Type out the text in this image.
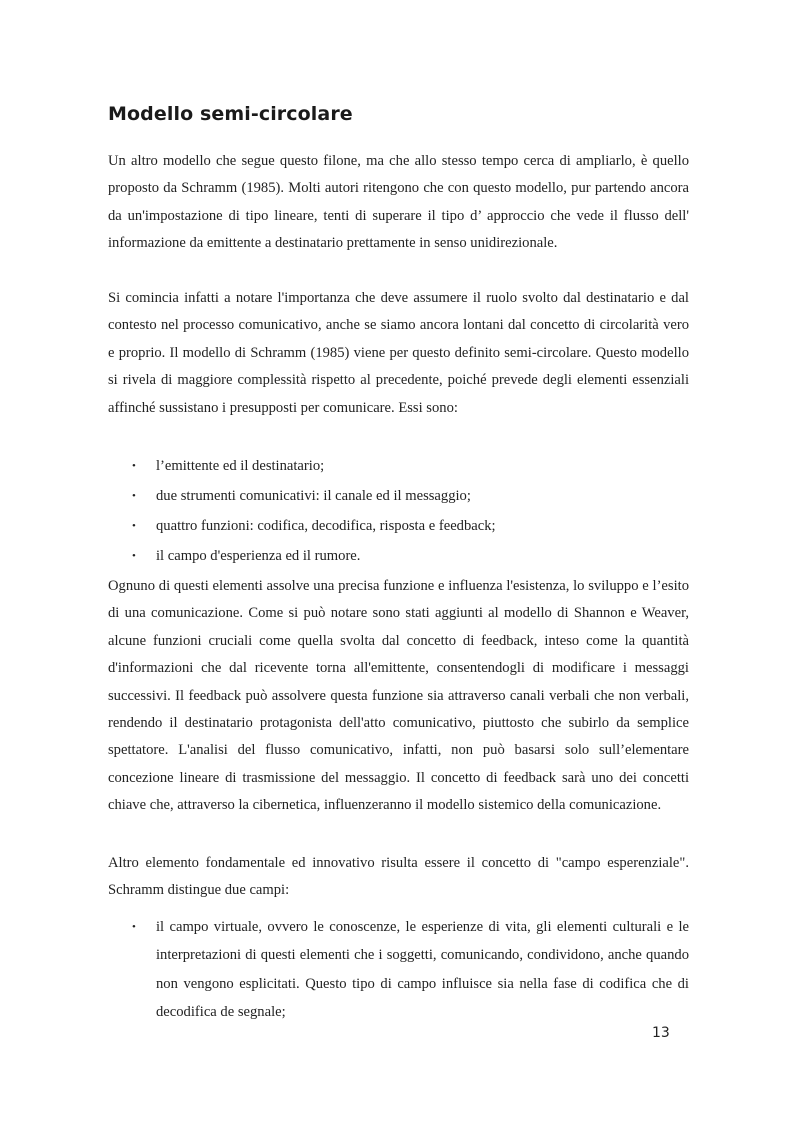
Modello semi-circolare

Un altro modello che segue questo filone, ma che allo stesso tempo cerca di ampliarlo, è quello proposto da Schramm (1985). Molti autori ritengono che con questo modello, pur partendo ancora da un'impostazione di tipo lineare, tenti di superare il tipo d’ approccio che vede il flusso dell' informazione da emittente a destinatario prettamente in senso unidirezionale.

Si comincia infatti a notare l'importanza che deve assumere il ruolo svolto dal destinatario e dal contesto nel processo comunicativo, anche se siamo ancora lontani dal concetto di circolarità vero e proprio. Il modello di Schramm (1985) viene per questo definito semi-circolare. Questo modello si rivela di maggiore complessità rispetto al precedente, poiché prevede degli elementi essenziali affinché sussistano i presupposti per comunicare. Essi sono:

• l’emittente ed il destinatario;
• due strumenti comunicativi: il canale ed il messaggio;
• quattro funzioni: codifica, decodifica, risposta e feedback;
• il campo d'esperienza ed il rumore.

Ognuno di questi elementi assolve una precisa funzione e influenza l'esistenza, lo sviluppo e l’esito di una comunicazione. Come si può notare sono stati aggiunti al modello di Shannon e Weaver, alcune funzioni cruciali come quella svolta dal concetto di feedback, inteso come la quantità d'informazioni che dal ricevente torna all'emittente, consentendogli di modificare i messaggi successivi. Il feedback può assolvere questa funzione sia attraverso canali verbali che non verbali, rendendo il destinatario protagonista dell'atto comunicativo, piuttosto che subirlo da semplice spettatore. L'analisi del flusso comunicativo, infatti, non può basarsi solo sull’elementare concezione lineare di trasmissione del messaggio. Il concetto di feedback sarà uno dei concetti chiave che, attraverso la cibernetica, influenzeranno il modello sistemico della comunicazione.

Altro elemento fondamentale ed innovativo risulta essere il concetto di "campo esperenziale". Schramm distingue due campi:

• il campo virtuale, ovvero le conoscenze, le esperienze di vita, gli elementi culturali e le interpretazioni di questi elementi che i soggetti, comunicando, condividono, anche quando non vengono esplicitati. Questo tipo di campo influisce sia nella fase di codifica che di decodifica de segnale;
13
